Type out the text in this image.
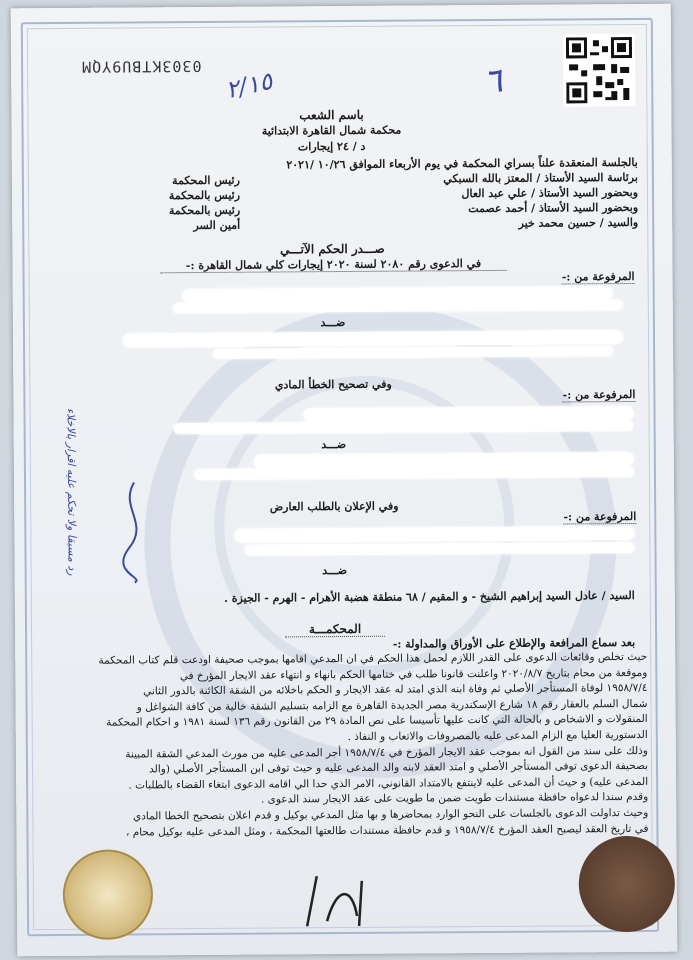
0303KTBU9YQM
٢/١٥	٦
رد مسبقا ولا تحكم عليه اقرار بالاخلاء
باسم الشعب
محكمة شمال القاهرة الابتدائية
د / ٢٤ إيجارات
بالجلسة المنعقدة علناً بسراي المحكمة في يوم الأربعاء الموافق ١٠/٢٦ /٢٠٢١
برئاسة السيد الأستاذ / المعتز بالله السبكي
رئيس المحكمة
وبحضور السيد الأستاذ / علي عبد العال
رئيس بالمحكمة
وبحضور السيد الأستاذ / أحمد عصمت
رئيس بالمحكمة
والسيد / حسين محمد خير
أمين السر
صـــدر الحكم الآتـــي
في الدعوى رقم ٢٠٨٠ لسنة ٢٠٢٠ إيجارات كلي شمال القاهرة :-
المرفوعة من :-
ضـــد
وفي تصحيح الخطأ المادي
المرفوعة من :-
ضـــد
وفي الإعلان بالطلب العارض
المرفوعة من :-
ضـــد
السيد / عادل السيد إبراهيم الشيخ - و المقيم / ٦٨ منطقة هضبة الأهرام - الهرم - الجيزة .
المحكمـــة
بعد سماع المرافعة والإطلاع على الأوراق والمداولة :-
حيث تخلص وقائعات الدعوى على القدر اللازم لحمل هذا الحكم في ان المدعي اقامها بموجب صحيفة اودعت قلم كتاب المحكمة
وموقعة من محام بتاريخ ٢٠٢٠/٨/٧ واعلنت قانونا طلب في ختامها الحكم بانهاء و انتهاء عقد الايجار المؤرخ في
١٩٥٨/٧/٤ لوفاة المستأجر الأصلي ثم وفاة ابنه الذي امتد له عقد الايجار و الحكم باخلائه من الشقة الكائنة بالدور الثاني
شمال السلم بالعقار رقم ١٨ شارع الإسكندرية مصر الجديدة القاهرة مع الزامه بتسليم الشقة خالية من كافة الشواغل و
المنقولات و الاشخاص و بالحالة التي كانت عليها تأسيسا على نص المادة ٢٩ من القانون رقم ١٣٦ لسنة ١٩٨١ و احكام المحكمة
الدستورية العليا مع الزام المدعى عليه بالمصروفات والاتعاب و النفاذ .
وذلك على سند من القول انه بموجب عقد الايجار المؤرخ في ١٩٥٨/٧/٤ أجر المدعى عليه من مورث المدعي الشقة المبينة
بصحيفة الدعوى توفى المستأجر الأصلي و امتد العقد لابنه والد المدعى عليه و حيث توفى ابن المستأجر الأصلي (والد
المدعى عليه) و حيث أن المدعى عليه لاينتفع بالامتداد القانوني، الامر الذي حدا الي اقامه الدعوى ابتغاء القضاء بالطلبات .
وقدم سندا لدعواه حافظة مستندات طويت ضمن ما طويت على عقد الايجار سند الدعوى .
وحيث تداولت الدعوى بالجلسات على النحو الوارد بمحاضرها و بها مثل المدعي بوكيل و قدم اعلان بتصحيح الخطا المادي
في تاريخ العقد ليصبح العقد المؤرخ ١٩٥٨/٧/٤ و قدم حافظة مستندات طالعتها المحكمة ، ومثل المدعى عليه بوكيل محام ،
